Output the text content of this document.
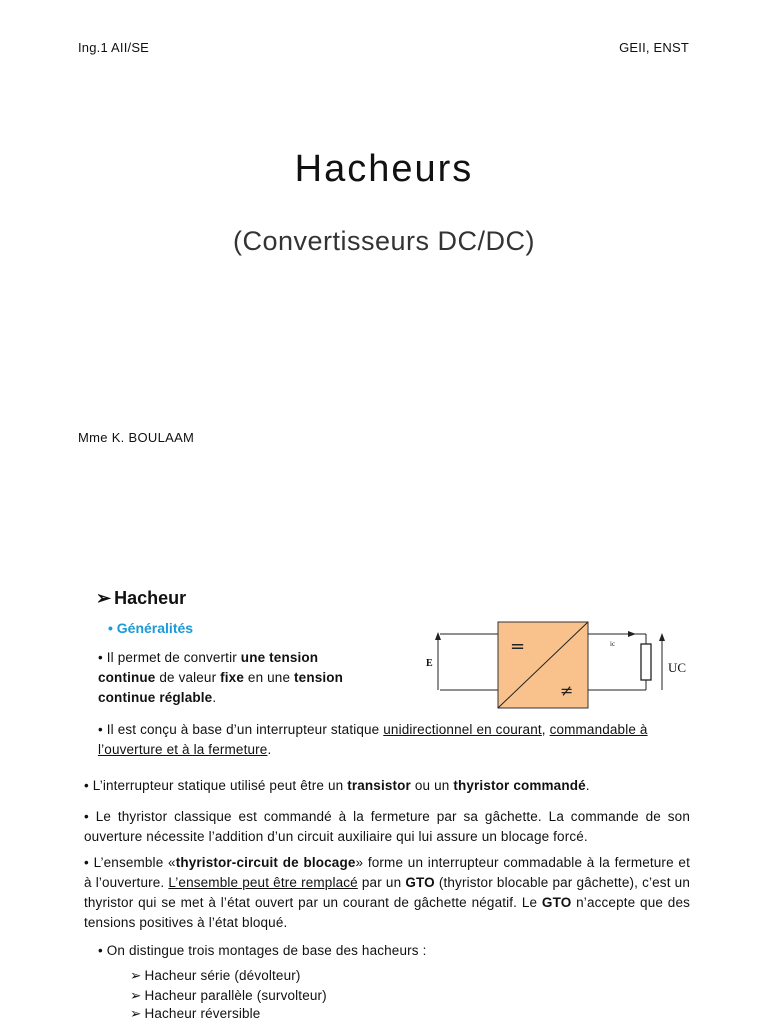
Ing.1 AII/SE	GEII, ENST
Hacheurs
(Convertisseurs DC/DC)
Mme K. BOULAAM
➢ Hacheur
• Généralités
• Il permet de convertir une tension continue de valeur fixe en une tension continue réglable.
E
=
≠
ic
UC
• Il est conçu à base d’un interrupteur statique unidirectionnel en courant, commandable à l’ouverture et à la fermeture.
• L’interrupteur statique utilisé peut être un transistor ou un thyristor commandé.
• Le thyristor classique est commandé à la fermeture par sa gâchette. La commande de son ouverture nécessite l’addition d’un circuit auxiliaire qui lui assure un blocage forcé.
• L’ensemble «thyristor-circuit de blocage» forme un interrupteur commadable à la fermeture et à l’ouverture. L’ensemble peut être remplacé par un GTO (thyristor blocable par gâchette), c’est un thyristor qui se met à l’état ouvert par un courant de gâchette négatif. Le GTO n’accepte que des tensions positives à l’état bloqué.
• On distingue trois montages de base des hacheurs :
➢ Hacheur série (dévolteur)
➢ Hacheur parallèle (survolteur)
➢ Hacheur réversible
